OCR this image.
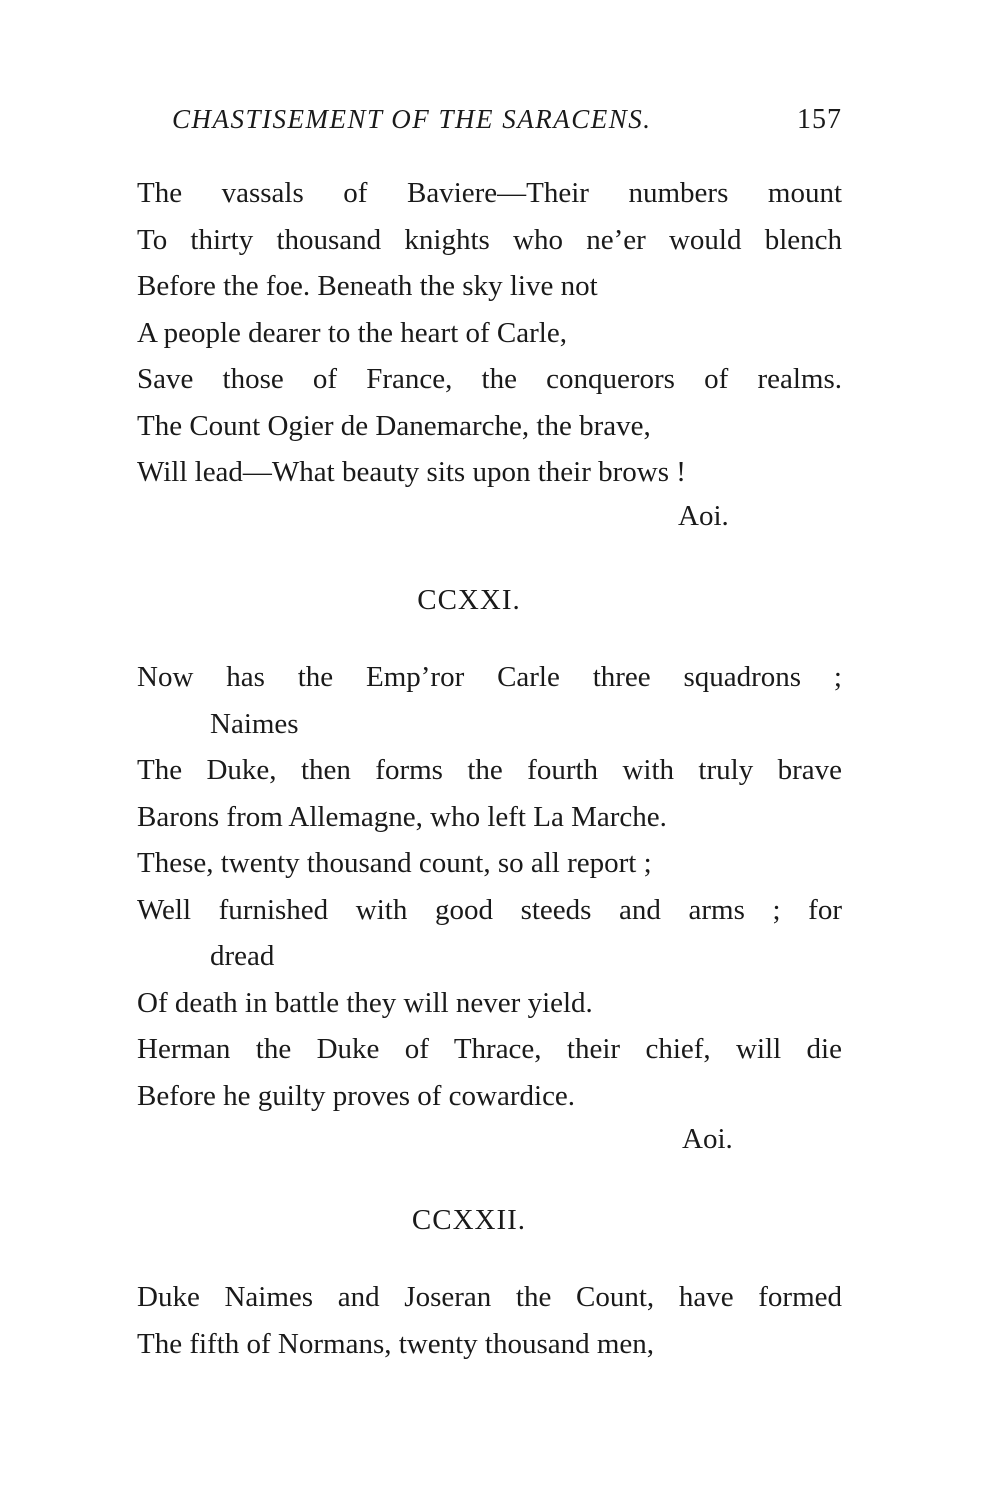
CHASTISEMENT OF THE SARACENS.	157
The vassals of Baviere—Their numbers mount
To thirty thousand knights who ne’er would blench
Before the foe. Beneath the sky live not
A people dearer to the heart of Carle,
Save those of France, the conquerors of realms.
The Count Ogier de Danemarche, the brave,
Will lead—What beauty sits upon their brows !
Aoi.
CCXXI.
Now has the Emp’ror Carle three squadrons ;
Naimes
The Duke, then forms the fourth with truly brave
Barons from Allemagne, who left La Marche.
These, twenty thousand count, so all report ;
Well furnished with good steeds and arms ; for
dread
Of death in battle they will never yield.
Herman the Duke of Thrace, their chief, will die
Before he guilty proves of cowardice.
Aoi.
CCXXII.
Duke Naimes and Joseran the Count, have formed
The fifth of Normans, twenty thousand men,
